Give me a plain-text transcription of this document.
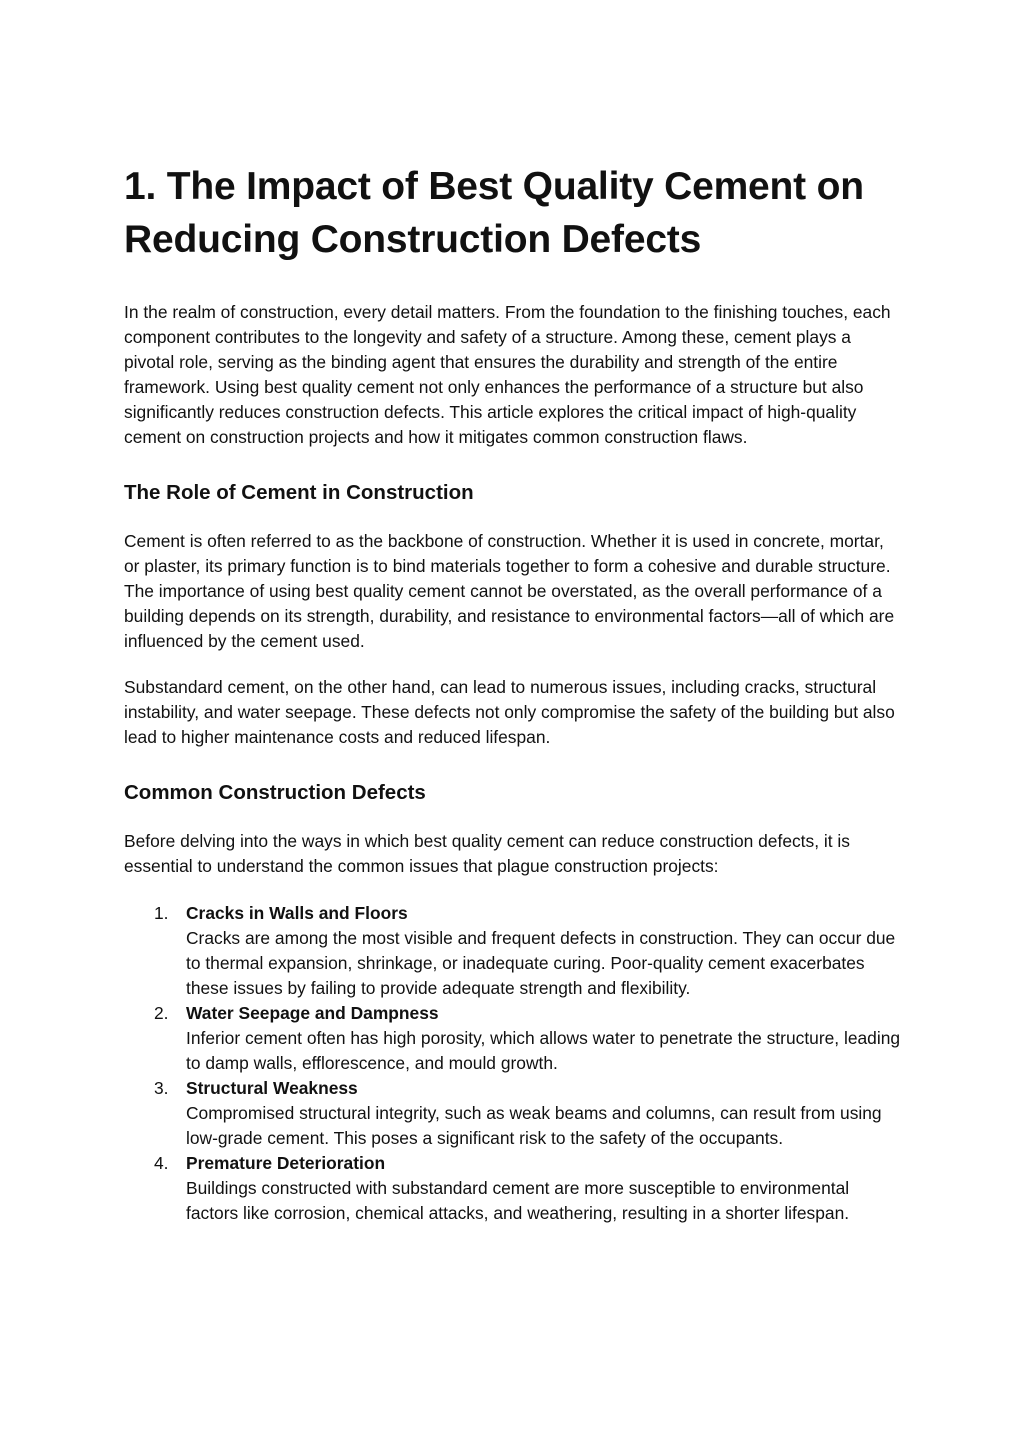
1. The Impact of Best Quality Cement on Reducing Construction Defects

In the realm of construction, every detail matters. From the foundation to the finishing touches, each component contributes to the longevity and safety of a structure. Among these, cement plays a pivotal role, serving as the binding agent that ensures the durability and strength of the entire framework. Using best quality cement not only enhances the performance of a structure but also significantly reduces construction defects. This article explores the critical impact of high-quality cement on construction projects and how it mitigates common construction flaws.

The Role of Cement in Construction

Cement is often referred to as the backbone of construction. Whether it is used in concrete, mortar, or plaster, its primary function is to bind materials together to form a cohesive and durable structure. The importance of using best quality cement cannot be overstated, as the overall performance of a building depends on its strength, durability, and resistance to environmental factors—all of which are influenced by the cement used.

Substandard cement, on the other hand, can lead to numerous issues, including cracks, structural instability, and water seepage. These defects not only compromise the safety of the building but also lead to higher maintenance costs and reduced lifespan.

Common Construction Defects

Before delving into the ways in which best quality cement can reduce construction defects, it is essential to understand the common issues that plague construction projects:

1. Cracks in Walls and Floors
Cracks are among the most visible and frequent defects in construction. They can occur due to thermal expansion, shrinkage, or inadequate curing. Poor-quality cement exacerbates these issues by failing to provide adequate strength and flexibility.
2. Water Seepage and Dampness
Inferior cement often has high porosity, which allows water to penetrate the structure, leading to damp walls, efflorescence, and mould growth.
3. Structural Weakness
Compromised structural integrity, such as weak beams and columns, can result from using low-grade cement. This poses a significant risk to the safety of the occupants.
4. Premature Deterioration
Buildings constructed with substandard cement are more susceptible to environmental factors like corrosion, chemical attacks, and weathering, resulting in a shorter lifespan.
